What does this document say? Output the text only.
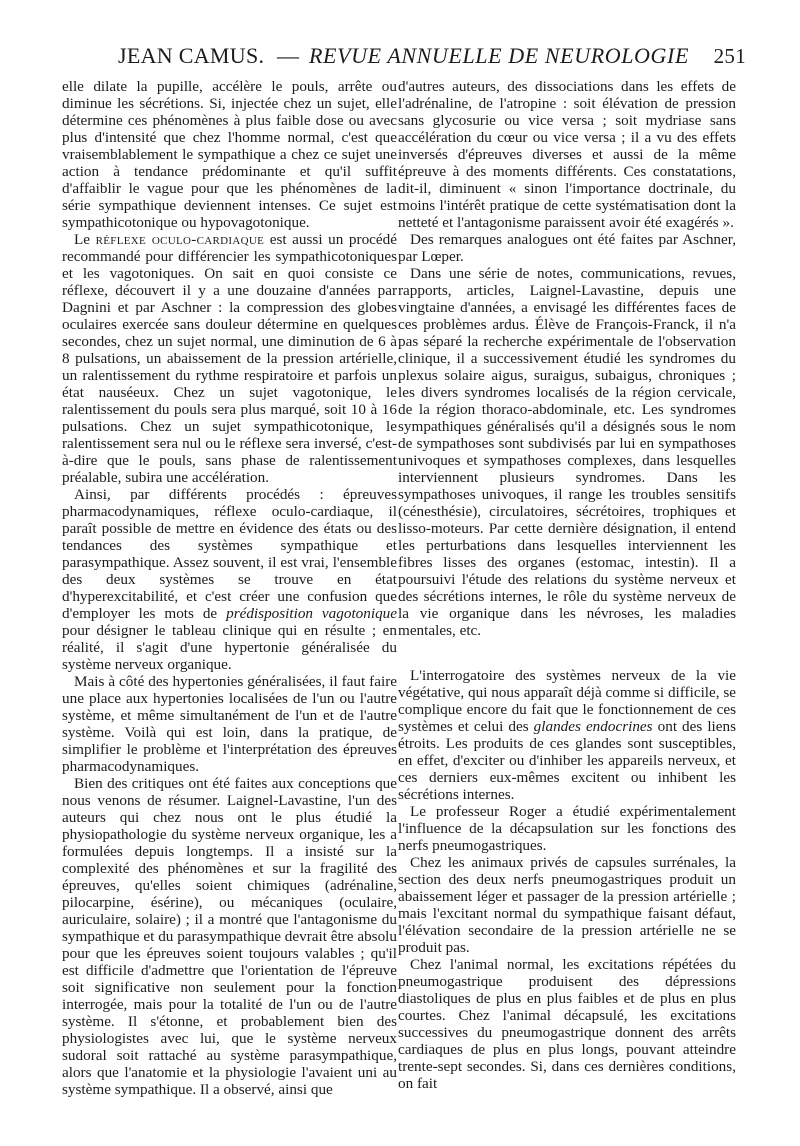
JEAN CAMUS. — REVUE ANNUELLE DE NEUROLOGIE 251

elle dilate la pupille, accélère le pouls, arrête ou diminue les sécrétions. Si, injectée chez un sujet, elle détermine ces phénomènes à plus faible dose ou avec plus d'intensité que chez l'homme normal, c'est que vraisemblablement le sympathique a chez ce sujet une action à tendance prédominante et qu'il suffit d'affaiblir le vague pour que les phénomènes de la série sympathique deviennent intenses. Ce sujet est sympathicotonique ou hypovagotonique.

Le réflexe oculo-cardiaque est aussi un procédé recommandé pour différencier les sympathicotoniques et les vagotoniques. On sait en quoi consiste ce réflexe, découvert il y a une douzaine d'années par Dagnini et par Aschner : la compression des globes oculaires exercée sans douleur détermine en quelques secondes, chez un sujet normal, une diminution de 6 à 8 pulsations, un abaissement de la pression artérielle, un ralentissement du rythme respiratoire et parfois un état nauséeux. Chez un sujet vagotonique, le ralentissement du pouls sera plus marqué, soit 10 à 16 pulsations. Chez un sujet sympathicotonique, le ralentissement sera nul ou le réflexe sera inversé, c'est-à-dire que le pouls, sans phase de ralentissement préalable, subira une accélération.

Ainsi, par différents procédés : épreuves pharmacodynamiques, réflexe oculo-cardiaque, il paraît possible de mettre en évidence des états ou des tendances des systèmes sympathique et parasympathique. Assez souvent, il est vrai, l'ensemble des deux systèmes se trouve en état d'hyperexcitabilité, et c'est créer une confusion que d'employer les mots de prédisposition vagotonique pour désigner le tableau clinique qui en résulte ; en réalité, il s'agit d'une hypertonie généralisée du système nerveux organique.

Mais à côté des hypertonies généralisées, il faut faire une place aux hypertonies localisées de l'un ou l'autre système, et même simultanément de l'un et de l'autre système. Voilà qui est loin, dans la pratique, de simplifier le problème et l'interprétation des épreuves pharmacodynamiques.

Bien des critiques ont été faites aux conceptions que nous venons de résumer. Laignel-Lavastine, l'un des auteurs qui chez nous ont le plus étudié la physiopathologie du système nerveux organique, les a formulées depuis longtemps. Il a insisté sur la complexité des phénomènes et sur la fragilité des épreuves, qu'elles soient chimiques (adrénaline, pilocarpine, ésérine), ou mécaniques (oculaire, auriculaire, solaire) ; il a montré que l'antagonisme du sympathique et du parasympathique devrait être absolu pour que les épreuves soient toujours valables ; qu'il est difficile d'admettre que l'orientation de l'épreuve soit significative non seulement pour la fonction interrogée, mais pour la totalité de l'un ou de l'autre système. Il s'étonne, et probablement bien des physiologistes avec lui, que le système nerveux sudoral soit rattaché au système parasympathique, alors que l'anatomie et la physiologie l'avaient uni au système sympathique. Il a observé, ainsi que

d'autres auteurs, des dissociations dans les effets de l'adrénaline, de l'atropine : soit élévation de pression sans glycosurie ou vice versa ; soit mydriase sans accélération du cœur ou vice versa ; il a vu des effets inversés d'épreuves diverses et aussi de la même épreuve à des moments différents. Ces constatations, dit-il, diminuent « sinon l'importance doctrinale, du moins l'intérêt pratique de cette systématisation dont la netteté et l'antagonisme paraissent avoir été exagérés ».

Des remarques analogues ont été faites par Aschner, par Lœper.

Dans une série de notes, communications, revues, rapports, articles, Laignel-Lavastine, depuis une vingtaine d'années, a envisagé les différentes faces de ces problèmes ardus. Élève de François-Franck, il n'a pas séparé la recherche expérimentale de l'observation clinique, il a successivement étudié les syndromes du plexus solaire aigus, suraigus, subaigus, chroniques ; les divers syndromes localisés de la région cervicale, de la région thoraco-abdominale, etc. Les syndromes sympathiques généralisés qu'il a désignés sous le nom de sympathoses sont subdivisés par lui en sympathoses univoques et sympathoses complexes, dans lesquelles interviennent plusieurs syndromes. Dans les sympathoses univoques, il range les troubles sensitifs (cénesthésie), circulatoires, sécrétoires, trophiques et lisso-moteurs. Par cette dernière désignation, il entend les perturbations dans lesquelles interviennent les fibres lisses des organes (estomac, intestin). Il a poursuivi l'étude des relations du système nerveux et des sécrétions internes, le rôle du système nerveux de la vie organique dans les névroses, les maladies mentales, etc.

L'interrogatoire des systèmes nerveux de la vie végétative, qui nous apparaît déjà comme si difficile, se complique encore du fait que le fonctionnement de ces systèmes et celui des glandes endocrines ont des liens étroits. Les produits de ces glandes sont susceptibles, en effet, d'exciter ou d'inhiber les appareils nerveux, et ces derniers eux-mêmes excitent ou inhibent les sécrétions internes.

Le professeur Roger a étudié expérimentalement l'influence de la décapsulation sur les fonctions des nerfs pneumogastriques.

Chez les animaux privés de capsules surrénales, la section des deux nerfs pneumogastriques produit un abaissement léger et passager de la pression artérielle ; mais l'excitant normal du sympathique faisant défaut, l'élévation secondaire de la pression artérielle ne se produit pas.

Chez l'animal normal, les excitations répétées du pneumogastrique produisent des dépressions diastoliques de plus en plus faibles et de plus en plus courtes. Chez l'animal décapsulé, les excitations successives du pneumogastrique donnent des arrêts cardiaques de plus en plus longs, pouvant atteindre trente-sept secondes. Si, dans ces dernières conditions, on fait
